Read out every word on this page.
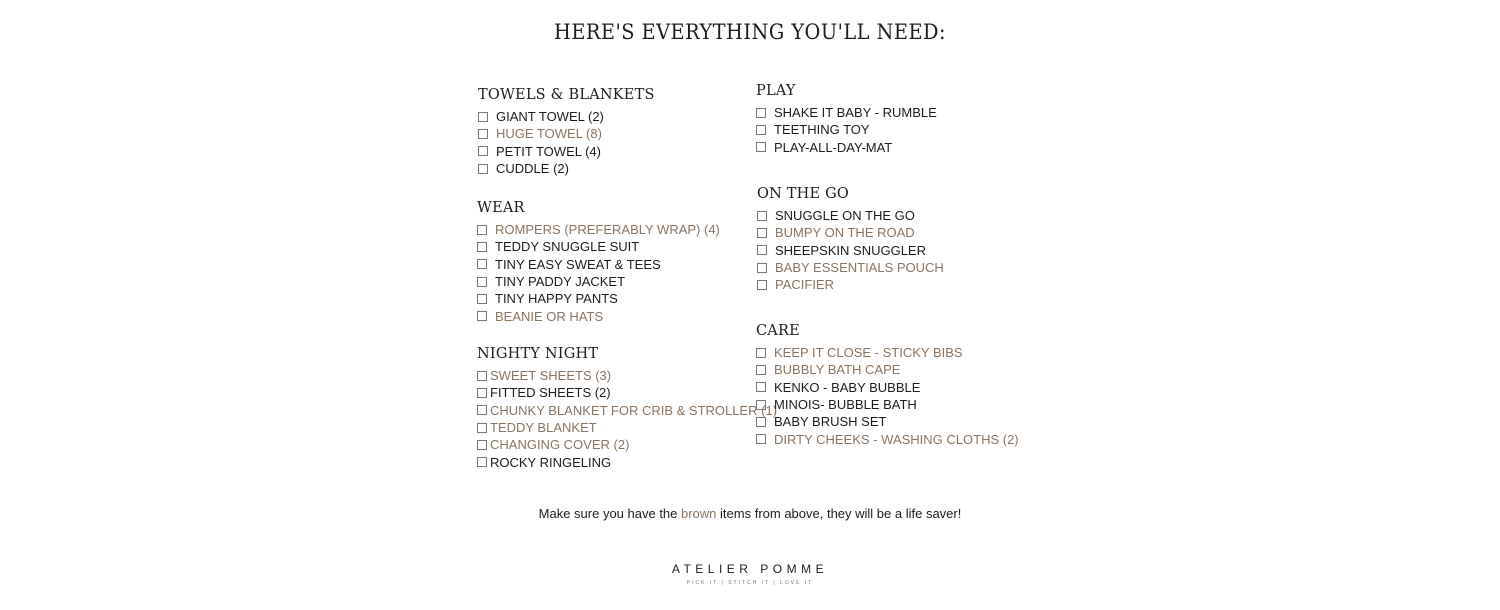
HERE'S EVERYTHING YOU'LL NEED:
TOWELS & BLANKETS
GIANT TOWEL (2)
HUGE TOWEL (8)
PETIT TOWEL (4)
CUDDLE (2)
WEAR
ROMPERS (PREFERABLY WRAP) (4)
TEDDY SNUGGLE SUIT
TINY EASY SWEAT & TEES
TINY PADDY JACKET
TINY HAPPY PANTS
BEANIE OR HATS
NIGHTY NIGHT
SWEET SHEETS (3)
FITTED SHEETS (2)
CHUNKY BLANKET FOR CRIB & STROLLER (1)
TEDDY BLANKET
CHANGING COVER (2)
ROCKY RINGELING
PLAY
SHAKE IT BABY - RUMBLE
TEETHING TOY
PLAY-ALL-DAY-MAT
ON THE GO
SNUGGLE ON THE GO
BUMPY ON THE ROAD
SHEEPSKIN SNUGGLER
BABY ESSENTIALS POUCH
PACIFIER
CARE
KEEP IT CLOSE - STICKY BIBS
BUBBLY BATH CAPE
KENKO - BABY BUBBLE
MINOIS- BUBBLE BATH
BABY BRUSH SET
DIRTY CHEEKS - WASHING CLOTHS (2)
Make sure you have the brown items from above, they will be a life saver!
ATELIER POMME
PICK IT | STITCH IT | LOVE IT
